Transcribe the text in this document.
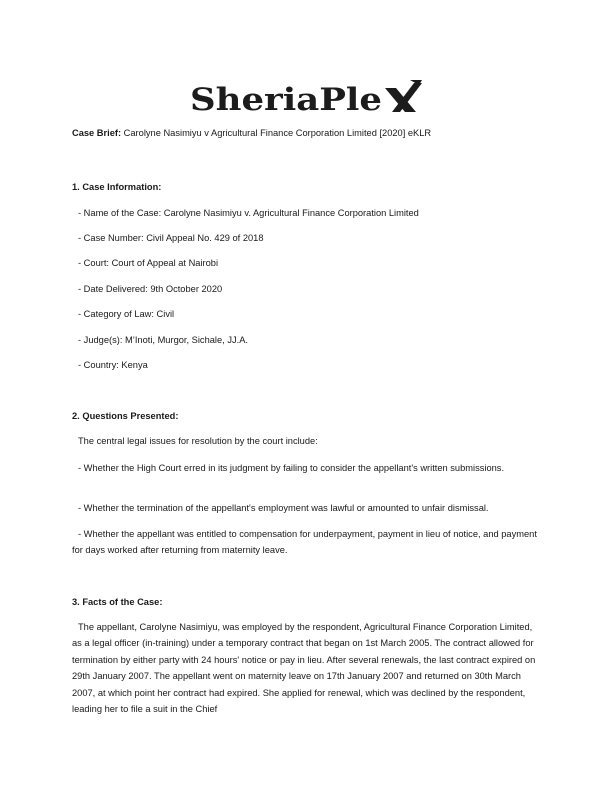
SheriaPle
Case Brief: Carolyne Nasimiyu v Agricultural Finance Corporation Limited [2020] eKLR
1. Case Information:
- Name of the Case: Carolyne Nasimiyu v. Agricultural Finance Corporation Limited
- Case Number: Civil Appeal No. 429 of 2018
- Court: Court of Appeal at Nairobi
- Date Delivered: 9th October 2020
- Category of Law: Civil
- Judge(s): M’Inoti, Murgor, Sichale, JJ.A.
- Country: Kenya
2. Questions Presented:
The central legal issues for resolution by the court include:
- Whether the High Court erred in its judgment by failing to consider the appellant's written submissions.
- Whether the termination of the appellant's employment was lawful or amounted to unfair dismissal.
- Whether the appellant was entitled to compensation for underpayment, payment in lieu of notice, and payment for days worked after returning from maternity leave.
3. Facts of the Case:
The appellant, Carolyne Nasimiyu, was employed by the respondent, Agricultural Finance Corporation Limited, as a legal officer (in-training) under a temporary contract that began on 1st March 2005. The contract allowed for termination by either party with 24 hours' notice or pay in lieu. After several renewals, the last contract expired on 29th January 2007. The appellant went on maternity leave on 17th January 2007 and returned on 30th March 2007, at which point her contract had expired. She applied for renewal, which was declined by the respondent, leading her to file a suit in the Chief
